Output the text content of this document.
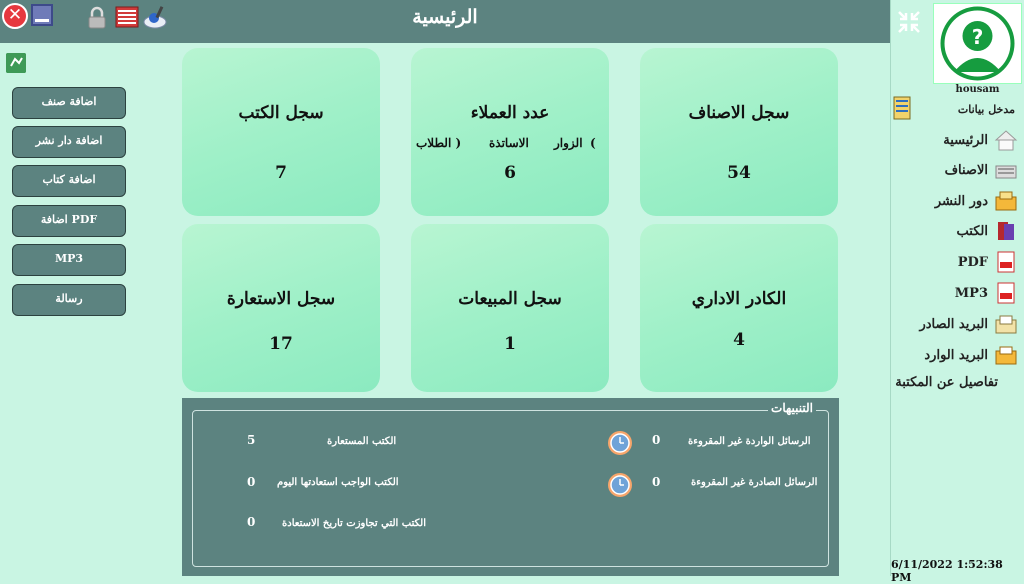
الرئيسية
✕
اضافة صنف
اضافة دار نشر
اضافة كتاب
اضافة PDF
MP3
رسالة
سجل الكتب
7
عدد العملاء
الطلاب ) الاساتذة الزوار (
6
سجل الاصناف
54
سجل الاستعارة
17
سجل المبيعات
1
الكادر الاداري
4
التنبيهات
الكتب المستعارة
5
الكتب الواجب استعادتها اليوم
0
الكتب التي تجاوزت تاريخ الاستعادة
0
الرسائل الواردة غير المقروءة
0
الرسائل الصادرة غير المقروءة
0
?
housam
مدخل بيانات
الرئيسية
الاصناف
دور النشر
الكتب
PDF
MP3
البريد الصادر
البريد الوارد
تفاصيل عن المكتبة
6/11/2022 1:52:38 PM
